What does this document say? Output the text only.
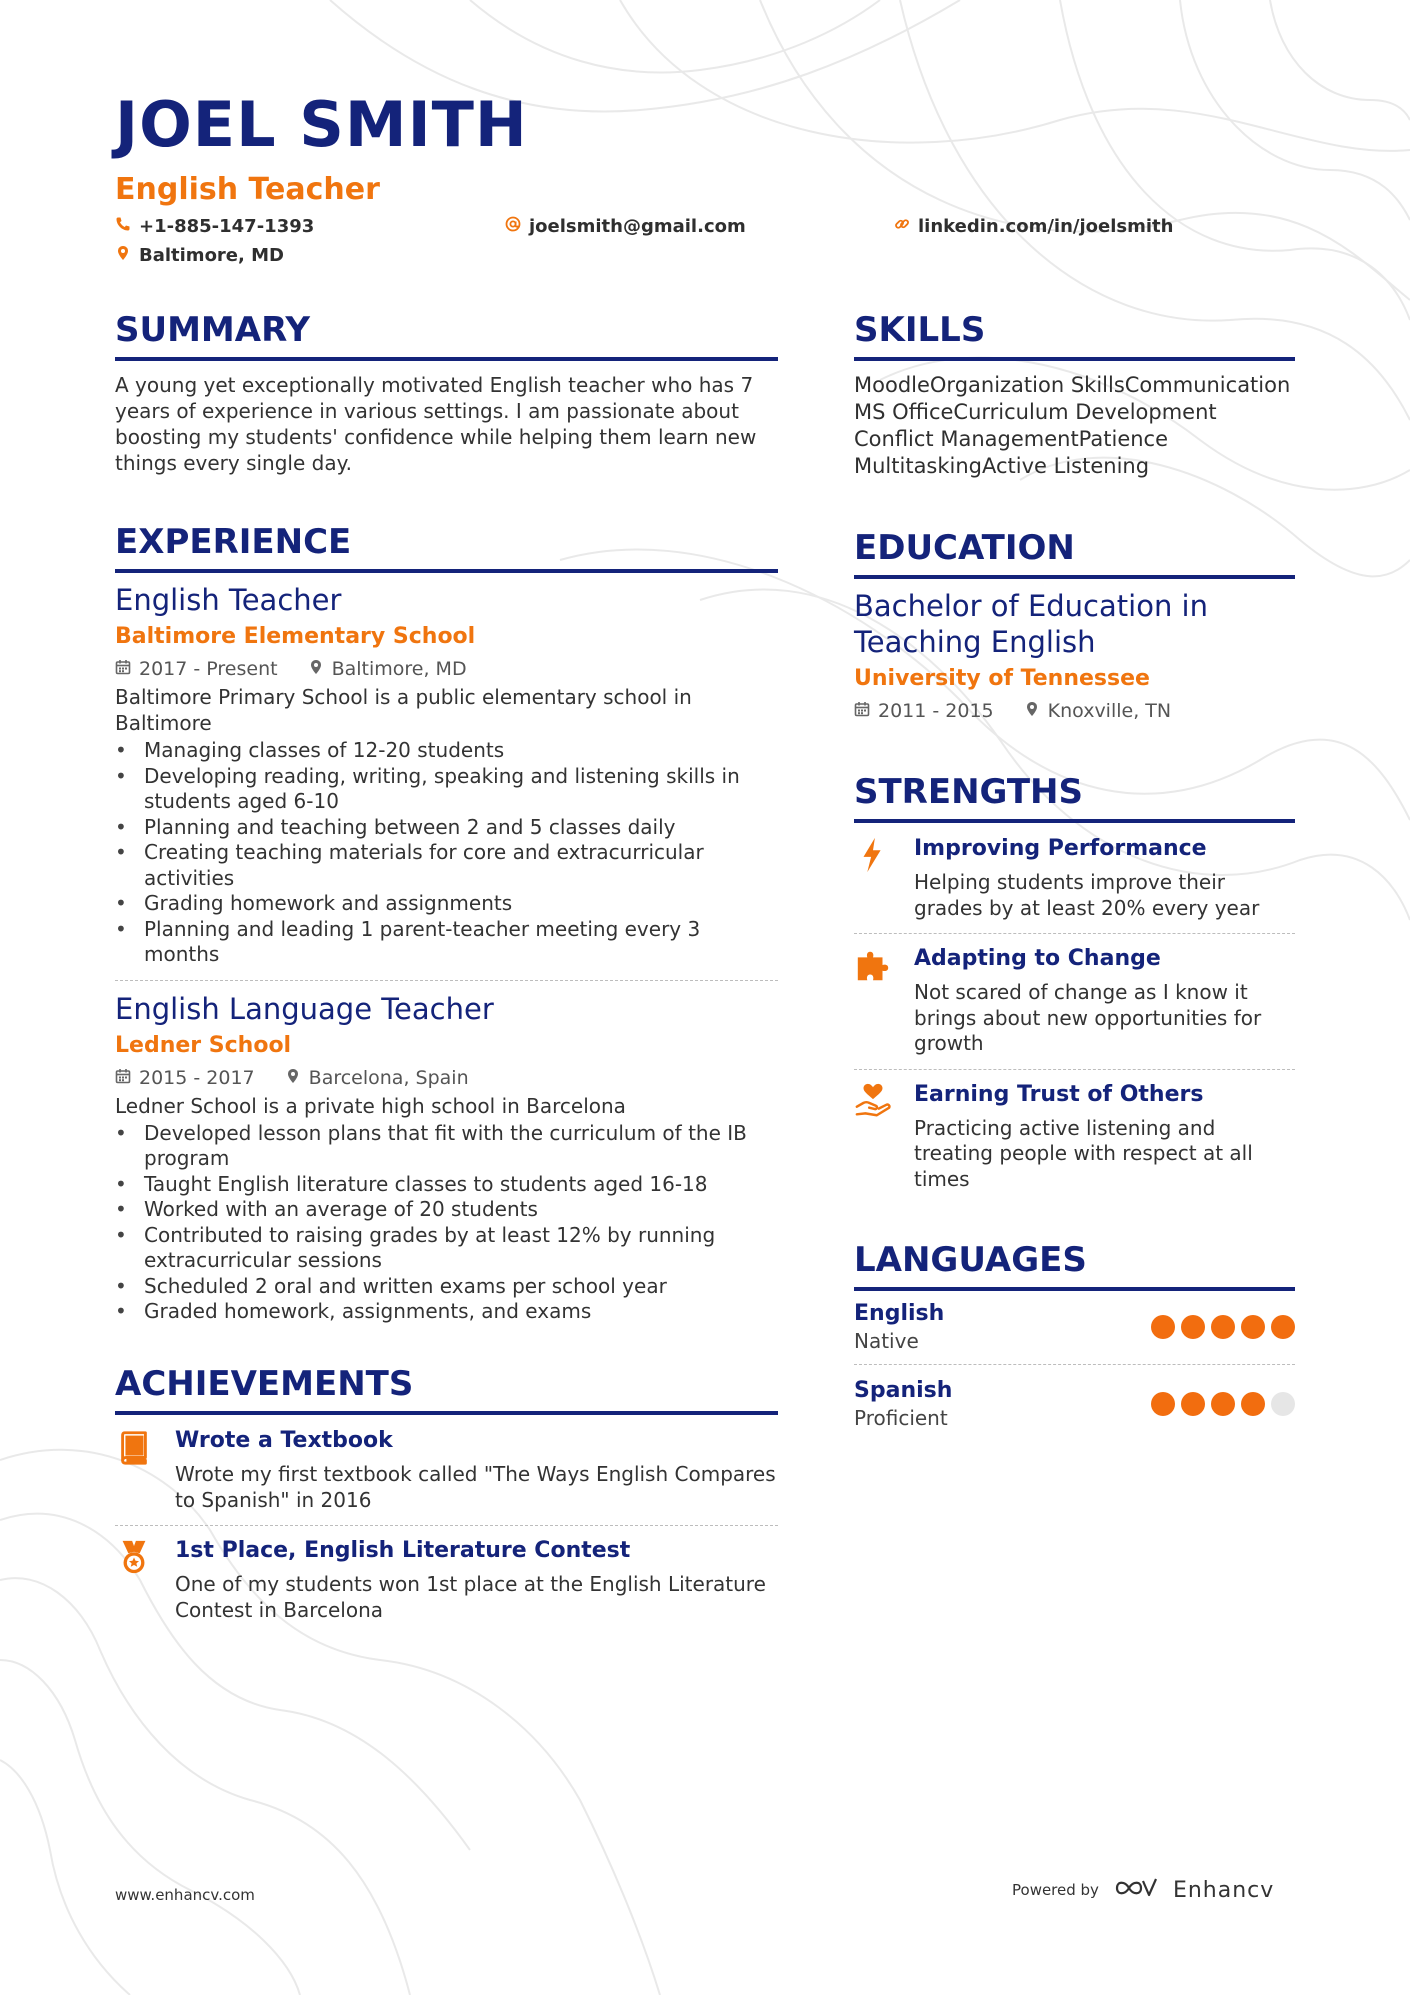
JOEL SMITH
English Teacher
+1-885-147-1393	joelsmith@gmail.com	linkedin.com/in/joelsmith
Baltimore, MD
SUMMARY
A young yet exceptionally motivated English teacher who has 7 years of experience in various settings. I am passionate about boosting my students' confidence while helping them learn new things every single day.
EXPERIENCE
English Teacher
Baltimore Elementary School
2017 - Present	Baltimore, MD
Baltimore Primary School is a public elementary school in Baltimore
• Managing classes of 12-20 students
• Developing reading, writing, speaking and listening skills in students aged 6-10
• Planning and teaching between 2 and 5 classes daily
• Creating teaching materials for core and extracurricular activities
• Grading homework and assignments
• Planning and leading 1 parent-teacher meeting every 3 months
English Language Teacher
Ledner School
2015 - 2017	Barcelona, Spain
Ledner School is a private high school in Barcelona
• Developed lesson plans that fit with the curriculum of the IB program
• Taught English literature classes to students aged 16-18
• Worked with an average of 20 students
• Contributed to raising grades by at least 12% by running extracurricular sessions
• Scheduled 2 oral and written exams per school year
• Graded homework, assignments, and exams
ACHIEVEMENTS
Wrote a Textbook
Wrote my first textbook called "The Ways English Compares to Spanish" in 2016
1st Place, English Literature Contest
One of my students won 1st place at the English Literature Contest in Barcelona
SKILLS
MoodleOrganization SkillsCommunication
MS OfficeCurriculum Development
Conflict ManagementPatience
MultitaskingActive Listening
EDUCATION
Bachelor of Education in Teaching English
University of Tennessee
2011 - 2015	Knoxville, TN
STRENGTHS
Improving Performance
Helping students improve their grades by at least 20% every year
Adapting to Change
Not scared of change as I know it brings about new opportunities for growth
Earning Trust of Others
Practicing active listening and treating people with respect at all times
LANGUAGES
English
Native
Spanish
Proficient
www.enhancv.com	Powered by	Enhancv
